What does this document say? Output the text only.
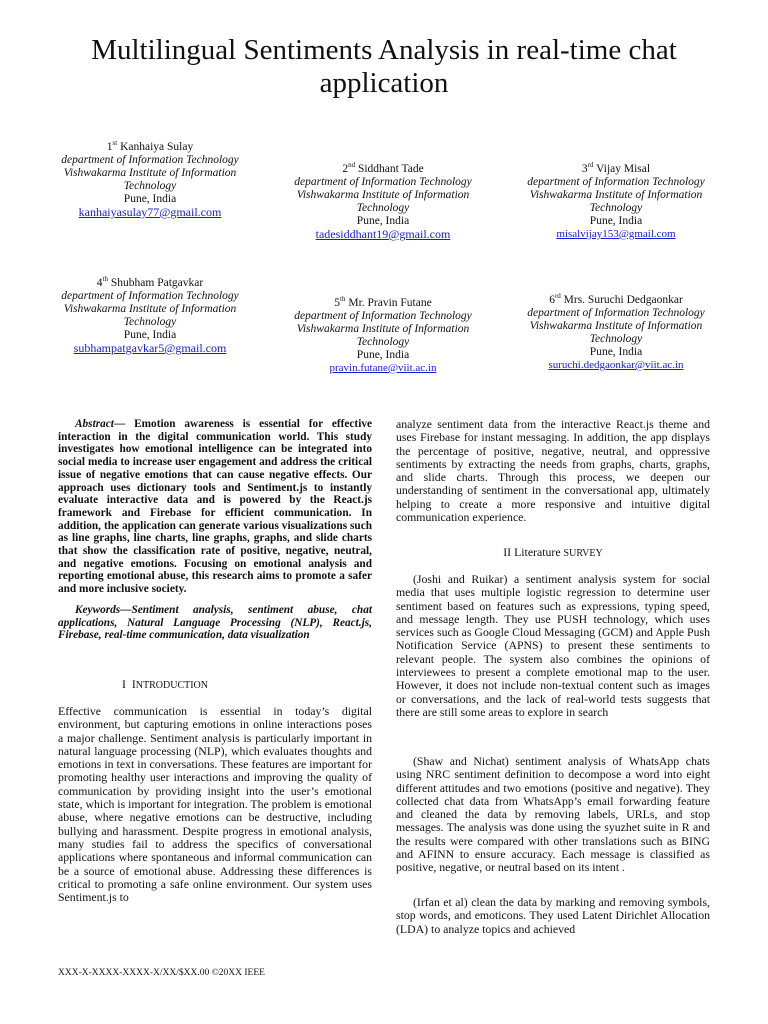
Multilingual Sentiments Analysis in real-time chat application
1st Kanhaiya Sulay
department of Information Technology
Vishwakarma Institute of Information Technology
Pune, India
kanhaiyasulay77@gmail.com
2nd Siddhant Tade
department of Information Technology
Vishwakarma Institute of Information Technology
Pune, India
tadesiddhant19@gmail.com
3rd Vijay Misal
department of Information Technology
Vishwakarma Institute of Information Technology
Pune, India
misalvijay153@gmail.com
4th Shubham Patgavkar
department of Information Technology
Vishwakarma Institute of Information Technology
Pune, India
subhampatgavkar5@gmail.com
5th Mr. Pravin Futane
department of Information Technology
Vishwakarma Institute of Information Technology
Pune, India
pravin.futane@viit.ac.in
6rd Mrs. Suruchi Dedgaonkar
department of Information Technology
Vishwakarma Institute of Information Technology
Pune, India
suruchi.dedgaonkar@viit.ac.in

Abstract— Emotion awareness is essential for effective interaction in the digital communication world. This study investigates how emotional intelligence can be integrated into social media to increase user engagement and address the critical issue of negative emotions that can cause negative effects. Our approach uses dictionary tools and Sentiment.js to instantly evaluate interactive data and is powered by the React.js framework and Firebase for efficient communication. In addition, the application can generate various visualizations such as line graphs, line charts, line graphs, graphs, and slide charts that show the classification rate of positive, negative, neutral, and negative emotions. Focusing on emotional analysis and reporting emotional abuse, this research aims to promote a safer and more inclusive society.

Keywords—Sentiment analysis, sentiment abuse, chat applications, Natural Language Processing (NLP), React.js, Firebase, real-time communication, data visualization

I INTRODUCTION

Effective communication is essential in today’s digital environment, but capturing emotions in online interactions poses a major challenge. Sentiment analysis is particularly important in natural language processing (NLP), which evaluates thoughts and emotions in text in conversations. These features are important for promoting healthy user interactions and improving the quality of communication by providing insight into the user’s emotional state, which is important for integration. The problem is emotional abuse, where negative emotions can be destructive, including bullying and harassment. Despite progress in emotional analysis, many studies fail to address the specifics of conversational applications where spontaneous and informal communication can be a source of emotional abuse. Addressing these differences is critical to promoting a safe online environment. Our system uses Sentiment.js to

analyze sentiment data from the interactive React.js theme and uses Firebase for instant messaging. In addition, the app displays the percentage of positive, negative, neutral, and oppressive sentiments by extracting the needs from graphs, charts, graphs, and slide charts. Through this process, we deepen our understanding of sentiment in the conversational app, ultimately helping to create a more responsive and intuitive digital communication experience.

II Literature SURVEY

(Joshi and Ruikar) a sentiment analysis system for social media that uses multiple logistic regression to determine user sentiment based on features such as expressions, typing speed, and message length. They use PUSH technology, which uses services such as Google Cloud Messaging (GCM) and Apple Push Notification Service (APNS) to present these sentiments to relevant people. The system also combines the opinions of interviewees to present a complete emotional map to the user. However, it does not include non-textual content such as images or conversations, and the lack of real-world tests suggests that there are still some areas to explore in search

(Shaw and Nichat) sentiment analysis of WhatsApp chats using NRC sentiment definition to decompose a word into eight different attitudes and two emotions (positive and negative). They collected chat data from WhatsApp’s email forwarding feature and cleaned the data by removing labels, URLs, and stop messages. The analysis was done using the syuzhet suite in R and the results were compared with other translations such as BING and AFINN to ensure accuracy. Each message is classified as positive, negative, or neutral based on its intent .

(Irfan et al) clean the data by marking and removing symbols, stop words, and emoticons. They used Latent Dirichlet Allocation (LDA) to analyze topics and achieved

XXX-X-XXXX-XXXX-X/XX/$XX.00 ©20XX IEEE
